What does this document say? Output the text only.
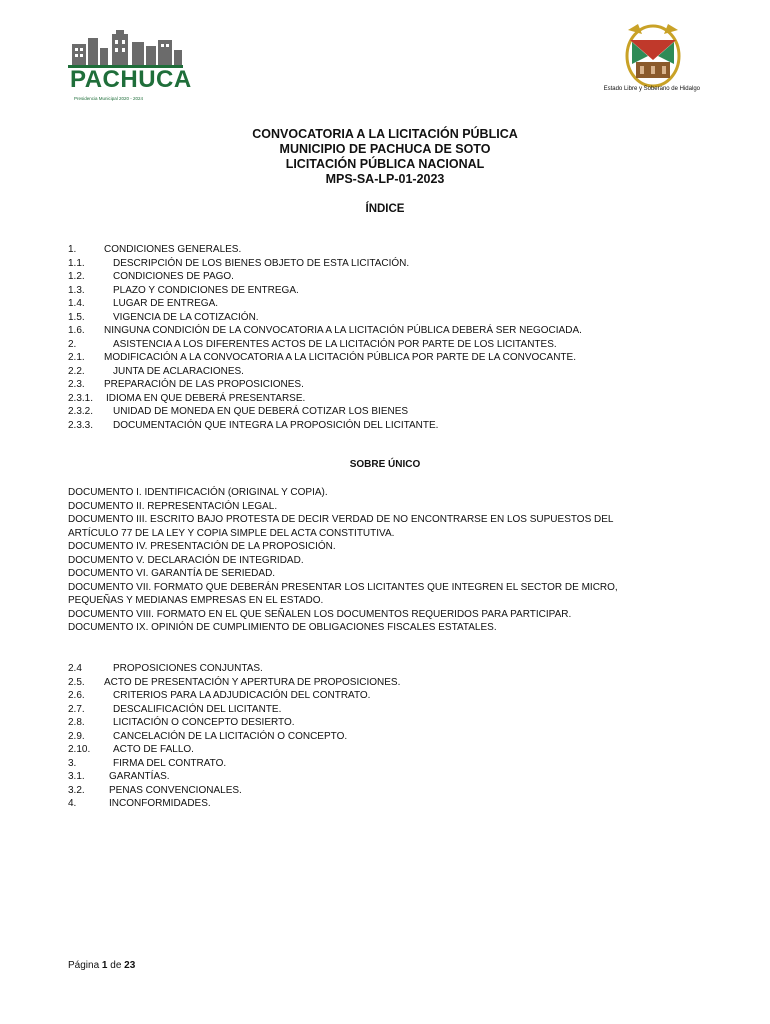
PACHUCA
Presidencia Municipal 2020 - 2024
Estado Libre y Soberano de Hidalgo
CONVOCATORIA A LA LICITACIÓN PÚBLICA
MUNICIPIO DE PACHUCA DE SOTO
LICITACIÓN PÚBLICA NACIONAL
MPS-SA-LP-01-2023
ÍNDICE
1.	CONDICIONES GENERALES.
1.1.	DESCRIPCIÓN DE LOS BIENES OBJETO DE ESTA LICITACIÓN.
1.2.	CONDICIONES DE PAGO.
1.3.	PLAZO Y CONDICIONES DE ENTREGA.
1.4.	LUGAR DE ENTREGA.
1.5.	VIGENCIA DE LA COTIZACIÓN.
1.6. NINGUNA CONDICIÓN DE LA CONVOCATORIA A LA LICITACIÓN PÚBLICA DEBERÁ SER NEGOCIADA.
2.	ASISTENCIA A LOS DIFERENTES ACTOS DE LA LICITACIÓN POR PARTE DE LOS LICITANTES.
2.1. MODIFICACIÓN A LA CONVOCATORIA A LA LICITACIÓN PÚBLICA POR PARTE DE LA CONVOCANTE.
2.2.	JUNTA DE ACLARACIONES.
2.3. PREPARACIÓN DE LAS PROPOSICIONES.
2.3.1. IDIOMA EN QUE DEBERÁ PRESENTARSE.
2.3.2. UNIDAD DE MONEDA EN QUE DEBERÁ COTIZAR LOS BIENES
2.3.3. DOCUMENTACIÓN QUE INTEGRA LA PROPOSICIÓN DEL LICITANTE.
SOBRE ÚNICO
DOCUMENTO I. IDENTIFICACIÓN (ORIGINAL Y COPIA).
DOCUMENTO II. REPRESENTACIÓN LEGAL.
DOCUMENTO III. ESCRITO BAJO PROTESTA DE DECIR VERDAD DE NO ENCONTRARSE EN LOS SUPUESTOS DEL ARTÍCULO 77 DE LA LEY Y COPIA SIMPLE DEL ACTA CONSTITUTIVA.
DOCUMENTO IV. PRESENTACIÓN DE LA PROPOSICIÓN.
DOCUMENTO V. DECLARACIÓN DE INTEGRIDAD.
DOCUMENTO VI. GARANTÍA DE SERIEDAD.
DOCUMENTO VII. FORMATO QUE DEBERÁN PRESENTAR LOS LICITANTES QUE INTEGREN EL SECTOR DE MICRO, PEQUEÑAS Y MEDIANAS EMPRESAS EN EL ESTADO.
DOCUMENTO VIII. FORMATO EN EL QUE SEÑALEN LOS DOCUMENTOS REQUERIDOS PARA PARTICIPAR.
DOCUMENTO IX. OPINIÓN DE CUMPLIMIENTO DE OBLIGACIONES FISCALES ESTATALES.
2.4	PROPOSICIONES CONJUNTAS.
2.5. ACTO DE PRESENTACIÓN Y APERTURA DE PROPOSICIONES.
2.6.	CRITERIOS PARA LA ADJUDICACIÓN DEL CONTRATO.
2.7.	DESCALIFICACIÓN DEL LICITANTE.
2.8.	LICITACIÓN O CONCEPTO DESIERTO.
2.9.	CANCELACIÓN DE LA LICITACIÓN O CONCEPTO.
2.10. ACTO DE FALLO.
3.	FIRMA DEL CONTRATO.
3.1. GARANTÍAS.
3.2. PENAS CONVENCIONALES.
4.	INCONFORMIDADES.
Página 1 de 23
